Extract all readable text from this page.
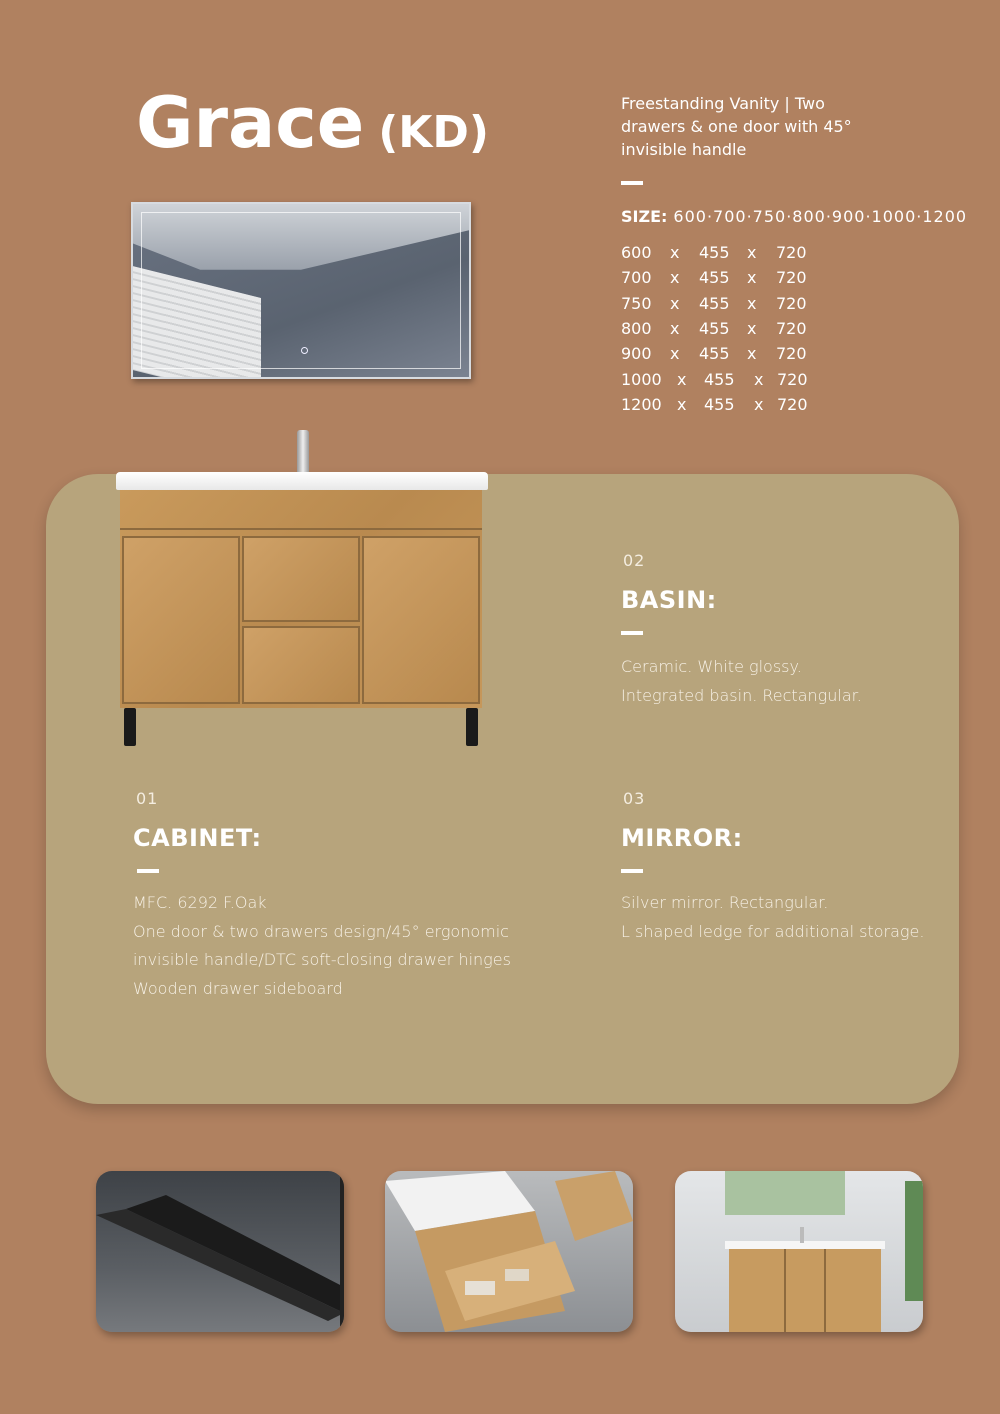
Grace (KD)
Freestanding Vanity | Two drawers & one door with 45° invisible handle
SIZE: 600·700·750·800·900·1000·1200
600	x	455	x	720
700	x	455	x	720
750	x	455	x	720
800	x	455	x	720
900	x	455	x	720
1000 x	455	x 720
1200 x	455	x 720
02
BASIN:
Ceramic. White glossy.
Integrated basin. Rectangular.
01
CABINET:
MFC. 6292 F.Oak
One door & two drawers design/45° ergonomic
invisible handle/DTC soft-closing drawer hinges
Wooden drawer sideboard
03
MIRROR:
Silver mirror. Rectangular.
L shaped ledge for additional storage.
